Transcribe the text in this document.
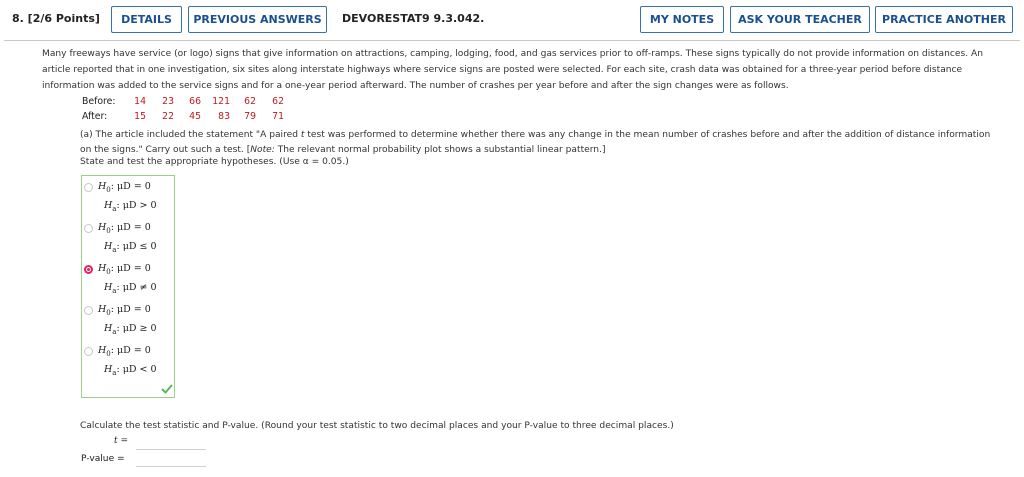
8. [2/6 Points]	DETAILS	PREVIOUS ANSWERS	DEVORESTAT9 9.3.042.	MY NOTES	ASK YOUR TEACHER	PRACTICE ANOTHER
Many freeways have service (or logo) signs that give information on attractions, camping, lodging, food, and gas services prior to off-ramps. These signs typically do not provide information on distances. An article reported that in one investigation, six sites along interstate highways where service signs are posted were selected. For each site, crash data was obtained for a three-year period before distance information was added to the service signs and for a one-year period afterward. The number of crashes per year before and after the sign changes were as follows.
Before:	14	23	66	121	62	62
After:	15	22	45	83	79	71
(a) The article included the statement "A paired t test was performed to determine whether there was any change in the mean number of crashes before and after the addition of distance information on the signs." Carry out such a test. [Note: The relevant normal probability plot shows a substantial linear pattern.]
State and test the appropriate hypotheses. (Use α = 0.05.)
$H_0$: μD = 0
$H_a$: μD > 0
$H_0$: μD = 0
$H_a$: μD ≤ 0
$H_0$: μD = 0
$H_a$: μD ≠ 0
$H_0$: μD = 0
$H_a$: μD ≥ 0
$H_0$: μD = 0
$H_a$: μD < 0
Calculate the test statistic and P-value. (Round your test statistic to two decimal places and your P-value to three decimal places.)
t =
P-value =
